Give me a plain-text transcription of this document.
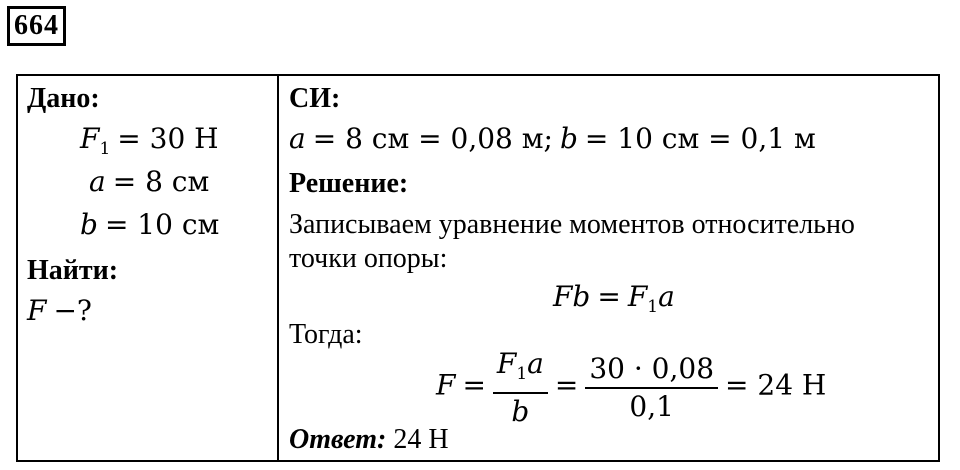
664
Дано:
$F_1 = 30$ Н
a = 8 см
b = 10 см
Найти:
F −?
СИ:
a = 8 см = 0,08 м; b = 10 см = 0,1 м
Решение:
Записываем уравнение моментов относительно
точки опоры:
$Fb = F_1a$
Тогда:
$F = \frac{F_1a}{b} = \frac{30 \cdot 0,08}{0,1} = 24$ Н
Ответ: 24 Н
